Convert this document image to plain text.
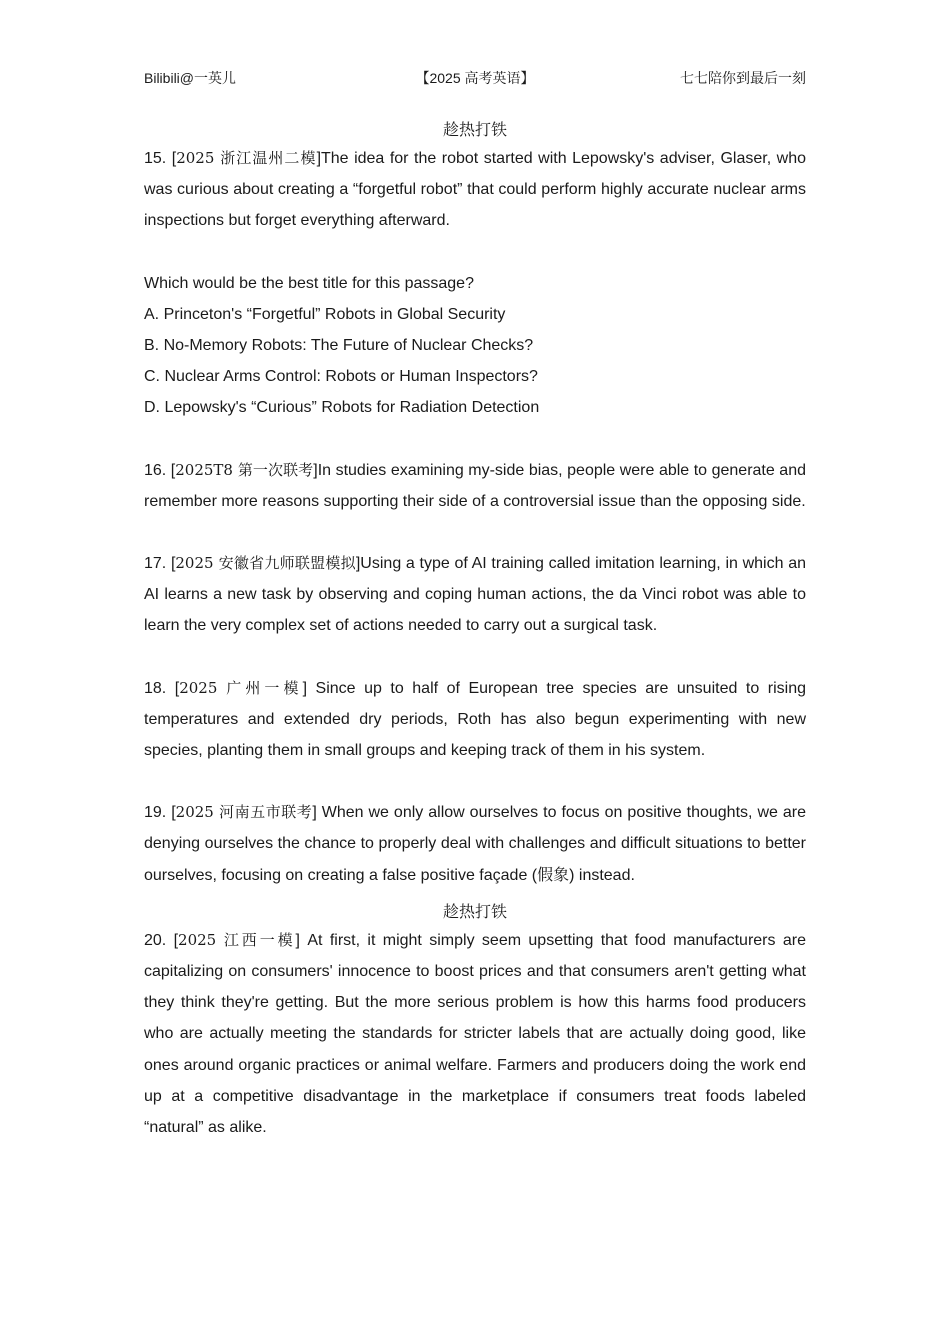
Bilibili@一英儿	【2025 高考英语】	七七陪你到最后一刻

趁热打铁

15. [2025 浙江温州二模]The idea for the robot started with Lepowsky's adviser, Glaser, who was curious about creating a “forgetful robot” that could perform highly accurate nuclear arms inspections but forget everything afterward.

Which would be the best title for this passage?

A. Princeton's “Forgetful” Robots in Global Security

B. No-Memory Robots: The Future of Nuclear Checks?

C. Nuclear Arms Control: Robots or Human Inspectors?

D. Lepowsky's “Curious” Robots for Radiation Detection

16. [2025T8 第一次联考]In studies examining my-side bias, people were able to generate and remember more reasons supporting their side of a controversial issue than the opposing side.

17. [2025 安徽省九师联盟模拟]Using a type of AI training called imitation learning, in which an AI learns a new task by observing and coping human actions, the da Vinci robot was able to learn the very complex set of actions needed to carry out a surgical task.

18. [2025 广州一模] Since up to half of European tree species are unsuited to rising temperatures and extended dry periods, Roth has also begun experimenting with new species, planting them in small groups and keeping track of them in his system.

19. [2025 河南五市联考] When we only allow ourselves to focus on positive thoughts, we are denying ourselves the chance to properly deal with challenges and difficult situations to better ourselves, focusing on creating a false positive façade (假象) instead.

趁热打铁

20. [2025 江西一模] At first, it might simply seem upsetting that food manufacturers are capitalizing on consumers' innocence to boost prices and that consumers aren't getting what they think they're getting. But the more serious problem is how this harms food producers who are actually meeting the standards for stricter labels that are actually doing good, like ones around organic practices or animal welfare. Farmers and producers doing the work end up at a competitive disadvantage in the marketplace if consumers treat foods labeled “natural” as alike.
